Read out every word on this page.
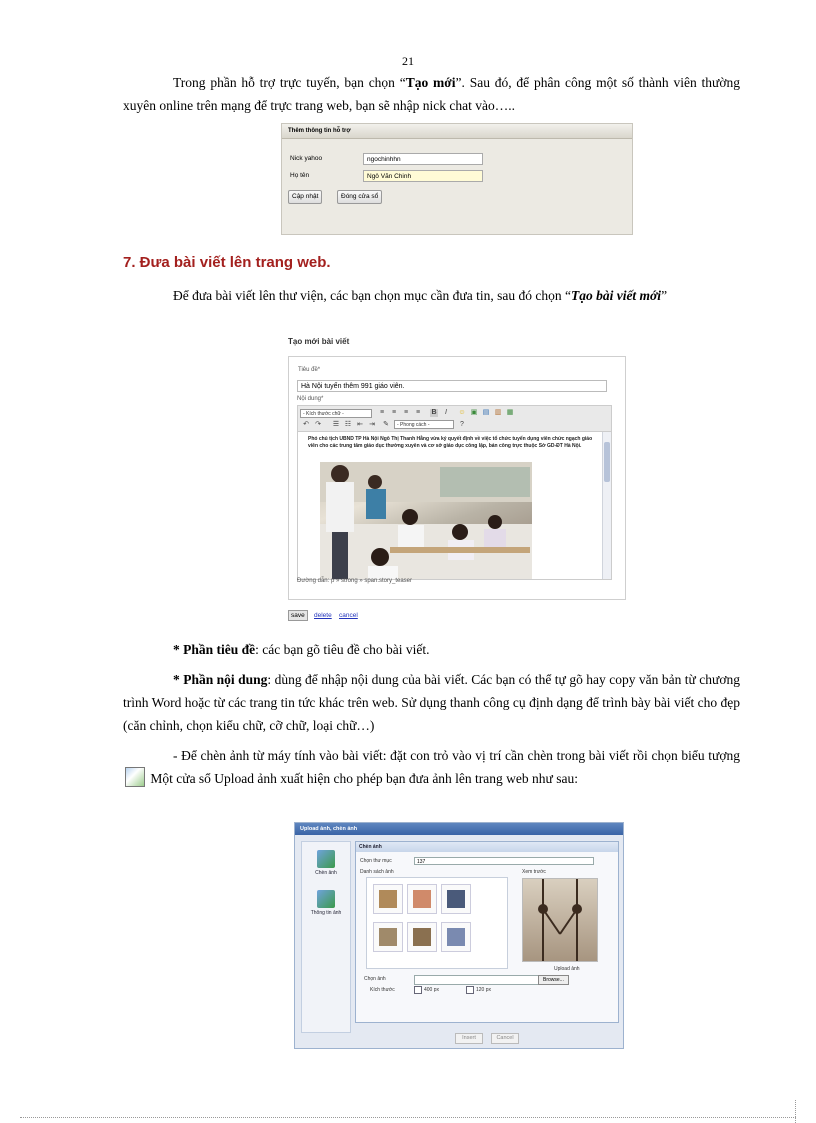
21

Trong phần hỗ trợ trực tuyến, bạn chọn “Tạo mới”. Sau đó, để phân công một số thành viên thường xuyên online trên mạng để trực trang web, bạn sẽ nhập nick chat vào…..

Thêm thông tin hỗ trợ
Nick yahoo	ngochinhhn
Họ tên	Ngô Văn Chinh
Cập nhật	Đóng cửa sổ
7. Đưa bài viết lên trang web.

Để đưa bài viết lên thư viện, các bạn chọn mục cần đưa tin, sau đó chọn “Tạo bài viết mới”

Tạo mới bài viết
Tiêu đề*
Hà Nội tuyển thêm 991 giáo viên.
Nội dung*
- Kích thước chữ -	≡ ≡ ≡ ≡ B	I	☺ ▣ ▤ ▥ ▦
↶ ↷ ☰ ☷ ⇤ ⇥ ✎	- Phong cách -	?
Phó chủ tịch UBND TP Hà Nội Ngô Thị Thanh Hằng vừa ký quyết định về việc tổ chức tuyển dụng viên chức ngạch giáo viên cho các trung tâm giáo dục thường xuyên và cơ sở giáo dục công lập, bán công trực thuộc Sở GD-ĐT Hà Nội.
Đường dẫn: p » strong » span.story_teaser
save	delete cancel

* Phần tiêu đề: các bạn gõ tiêu đề cho bài viết.

* Phần nội dung: dùng để nhập nội dung của bài viết. Các bạn có thể tự gõ hay copy văn bản từ chương trình Word hoặc từ các trang tin tức khác trên web. Sử dụng thanh công cụ định dạng để trình bày bài viết cho đẹp (căn chỉnh, chọn kiểu chữ, cỡ chữ, loại chữ…)

- Để chèn ảnh từ máy tính vào bài viết: đặt con trỏ vào vị trí cần chèn trong bài viết rồi chọn biểu tượng  Một cửa sổ Upload ảnh xuất hiện cho phép bạn đưa ảnh lên trang web như sau:

Upload ảnh, chèn ảnh
Chèn ảnh
Thông tin ảnh
Chèn ảnh
Chọn thư mục	137
Danh sách ảnh	Xem trước
Upload ảnh
Chọn ảnh	Browse...
Kích thước	400 px	120 px
Insert	Cancel
